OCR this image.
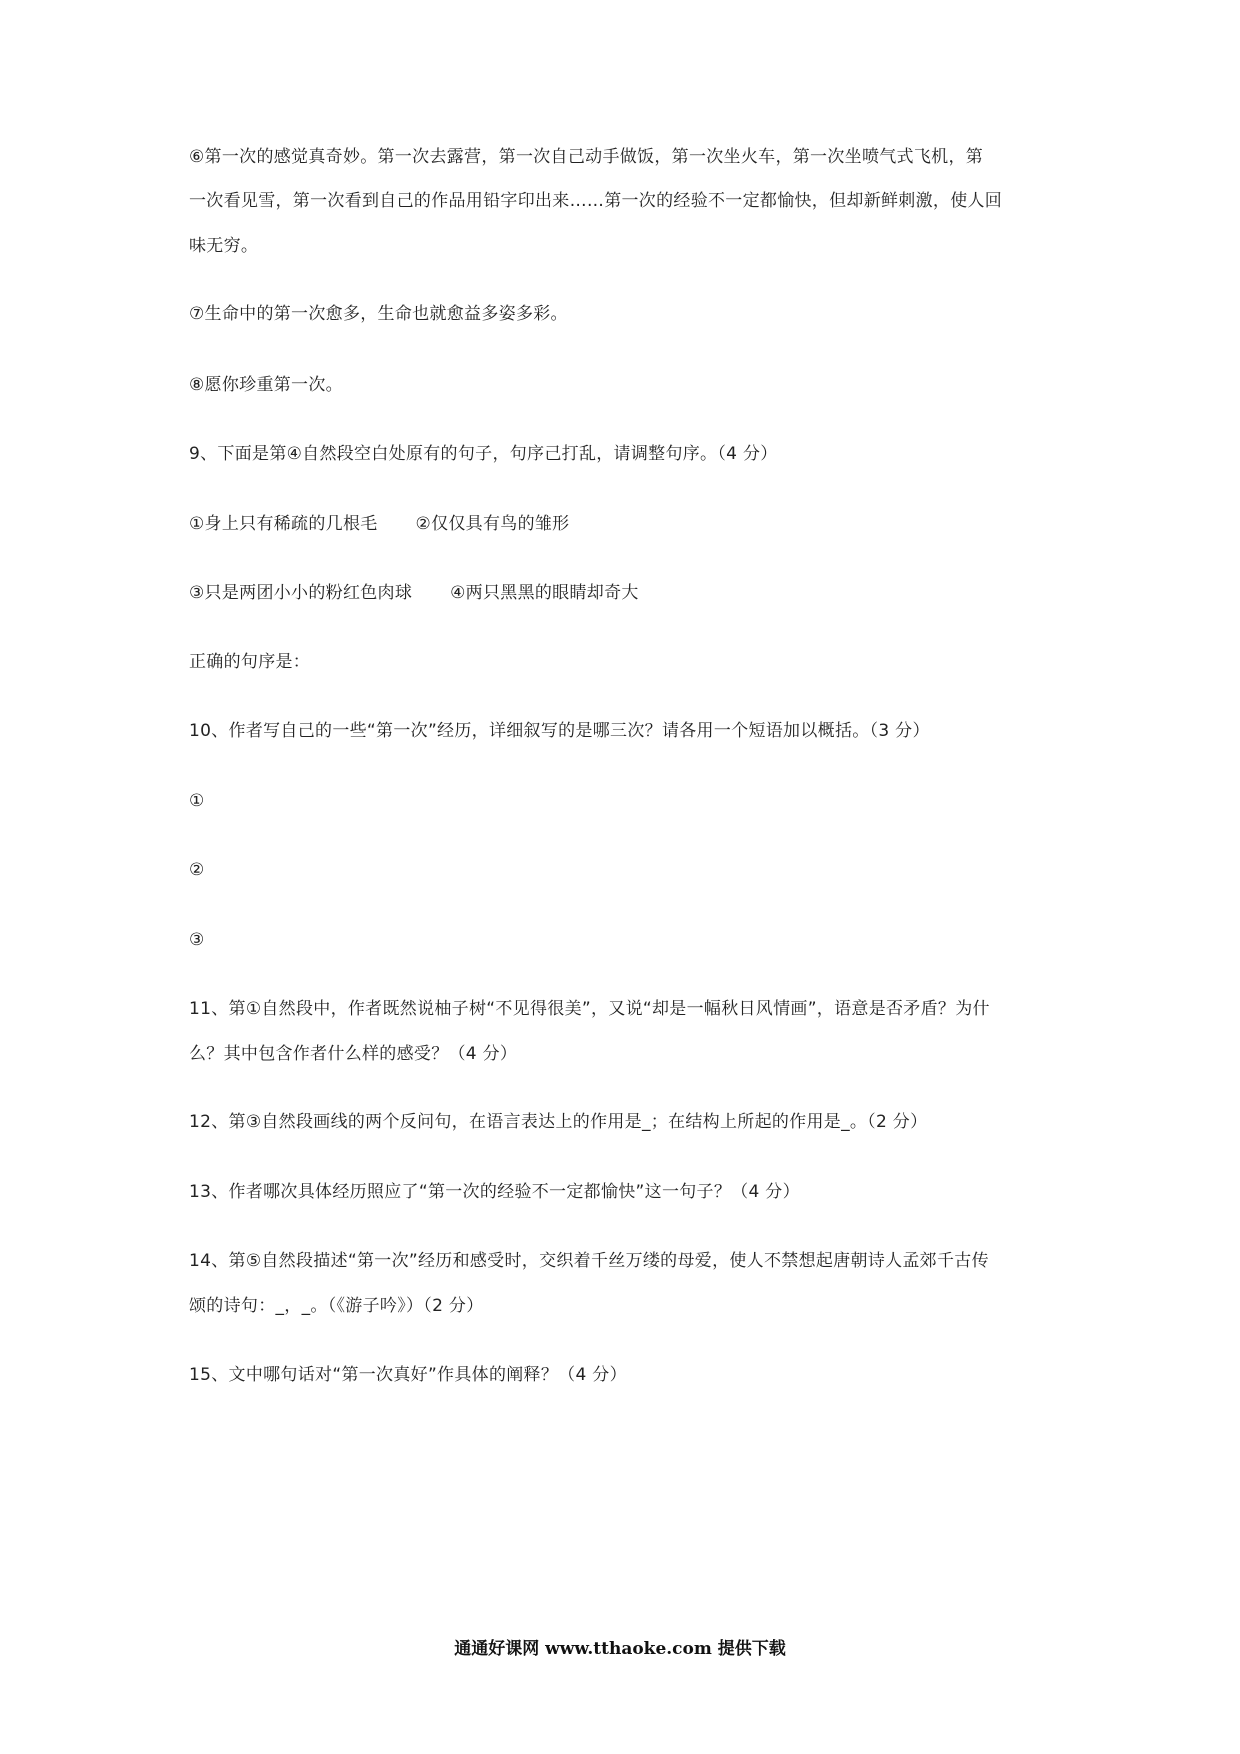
⑥第一次的感觉真奇妙。第一次去露营，第一次自己动手做饭，第一次坐火车，第一次坐喷气式飞机，第
一次看见雪，第一次看到自己的作品用铅字印出来……第一次的经验不一定都愉快，但却新鲜刺激，使人回
味无穷。
⑦生命中的第一次愈多，生命也就愈益多姿多彩。
⑧愿你珍重第一次。
9、下面是第④自然段空白处原有的句子，句序己打乱，请调整句序。（4 分）
①身上只有稀疏的几根毛 ②仅仅具有鸟的雏形
③只是两团小小的粉红色肉球 ④两只黑黑的眼睛却奇大
正确的句序是：
10、作者写自己的一些“第一次”经历，详细叙写的是哪三次？请各用一个短语加以概括。（3 分）
①
②
③
11、第①自然段中，作者既然说柚子树“不见得很美”，又说“却是一幅秋日风情画”，语意是否矛盾？为什
么？其中包含作者什么样的感受？（4 分）
12、第③自然段画线的两个反问句，在语言表达上的作用是_；在结构上所起的作用是_。（2 分）
13、作者哪次具体经历照应了“第一次的经验不一定都愉快”这一句子？（4 分）
14、第⑤自然段描述“第一次”经历和感受时，交织着千丝万缕的母爱，使人不禁想起唐朝诗人孟郊千古传
颂的诗句：_，_。（《游子吟》）（2 分）
15、文中哪句话对“第一次真好”作具体的阐释？（4 分）
通通好课网 www.tthaoke.com 提供下载
